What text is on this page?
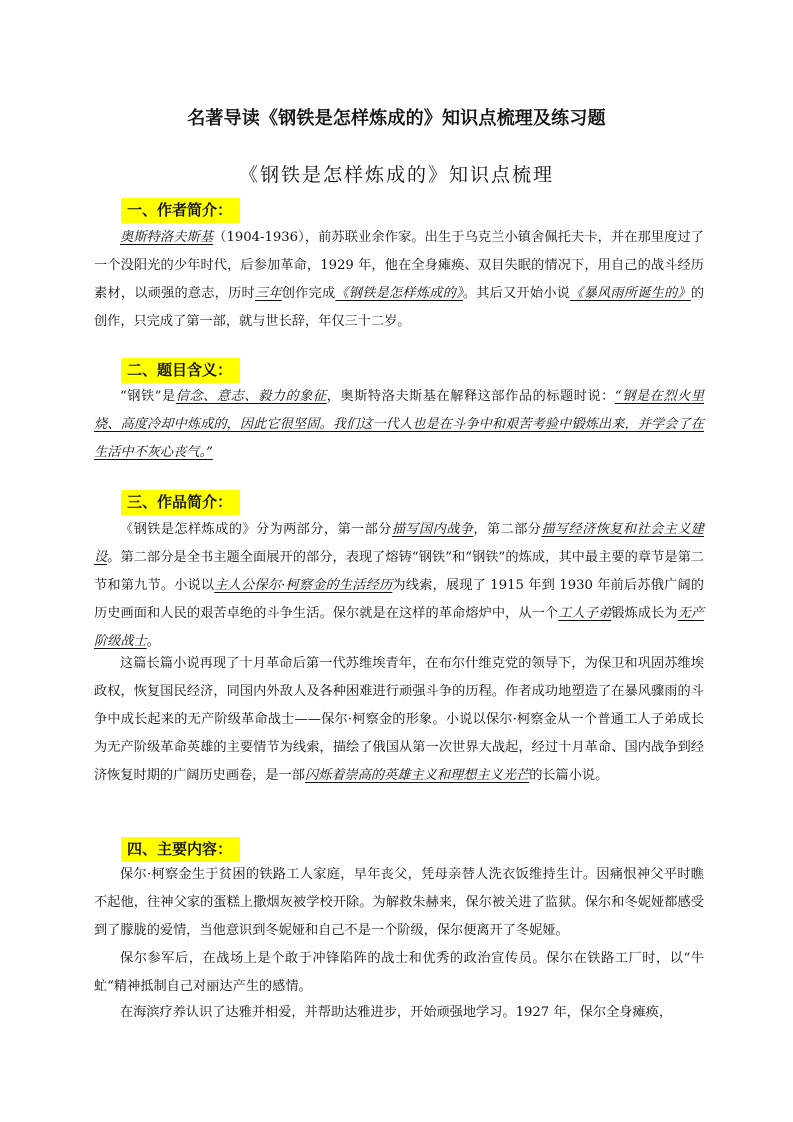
名著导读《钢铁是怎样炼成的》知识点梳理及练习题
《钢铁是怎样炼成的》知识点梳理
一、作者简介：

奥斯特洛夫斯基（1904-1936），前苏联业余作家。出生于乌克兰小镇舍佩托夫卡，并在那里度过了一个没阳光的少年时代，后参加革命，1929 年，他在全身瘫痪、双目失眠的情况下，用自己的战斗经历素材，以顽强的意志，历时三年创作完成《钢铁是怎样炼成的》。其后又开始小说《暴风雨所诞生的》的创作，只完成了第一部，就与世长辞，年仅三十二岁。

二、题目含义：

“钢铁”是信念、意志、毅力的象征，奥斯特洛夫斯基在解释这部作品的标题时说：“钢是在烈火里烧、高度冷却中炼成的，因此它很坚固。我们这一代人也是在斗争中和艰苦考验中锻炼出来，并学会了在生活中不灰心丧气。”

三、作品简介：

《钢铁是怎样炼成的》分为两部分，第一部分描写国内战争，第二部分描写经济恢复和社会主义建设。第二部分是全书主题全面展开的部分，表现了熔铸“钢铁”和“钢铁”的炼成，其中最主要的章节是第二节和第九节。小说以主人公保尔·柯察金的生活经历为线索，展现了 1915 年到 1930 年前后苏俄广阔的历史画面和人民的艰苦卓绝的斗争生活。保尔就是在这样的革命熔炉中，从一个工人子弟锻炼成长为无产阶级战士。

这篇长篇小说再现了十月革命后第一代苏维埃青年，在布尔什维克党的领导下，为保卫和巩固苏维埃政权，恢复国民经济，同国内外敌人及各种困难进行顽强斗争的历程。作者成功地塑造了在暴风骤雨的斗争中成长起来的无产阶级革命战士——保尔·柯察金的形象。小说以保尔·柯察金从一个普通工人子弟成长为无产阶级革命英雄的主要情节为线索，描绘了俄国从第一次世界大战起，经过十月革命、国内战争到经济恢复时期的广阔历史画卷，是一部闪烁着崇高的英雄主义和理想主义光芒的长篇小说。

四、主要内容：

保尔·柯察金生于贫困的铁路工人家庭，早年丧父，凭母亲替人洗衣饭维持生计。因痛恨神父平时瞧不起他，往神父家的蛋糕上撒烟灰被学校开除。为解救朱赫来，保尔被关进了监狱。保尔和冬妮娅都感受到了朦胧的爱情，当他意识到冬妮娅和自己不是一个阶级，保尔便离开了冬妮娅。

保尔参军后，在战场上是个敢于冲锋陷阵的战士和优秀的政治宣传员。保尔在铁路工厂时，以“牛虻“精神抵制自己对丽达产生的感情。

在海滨疗养认识了达雅并相爱，并帮助达雅进步，开始顽强地学习。1927 年，保尔全身瘫痪，
